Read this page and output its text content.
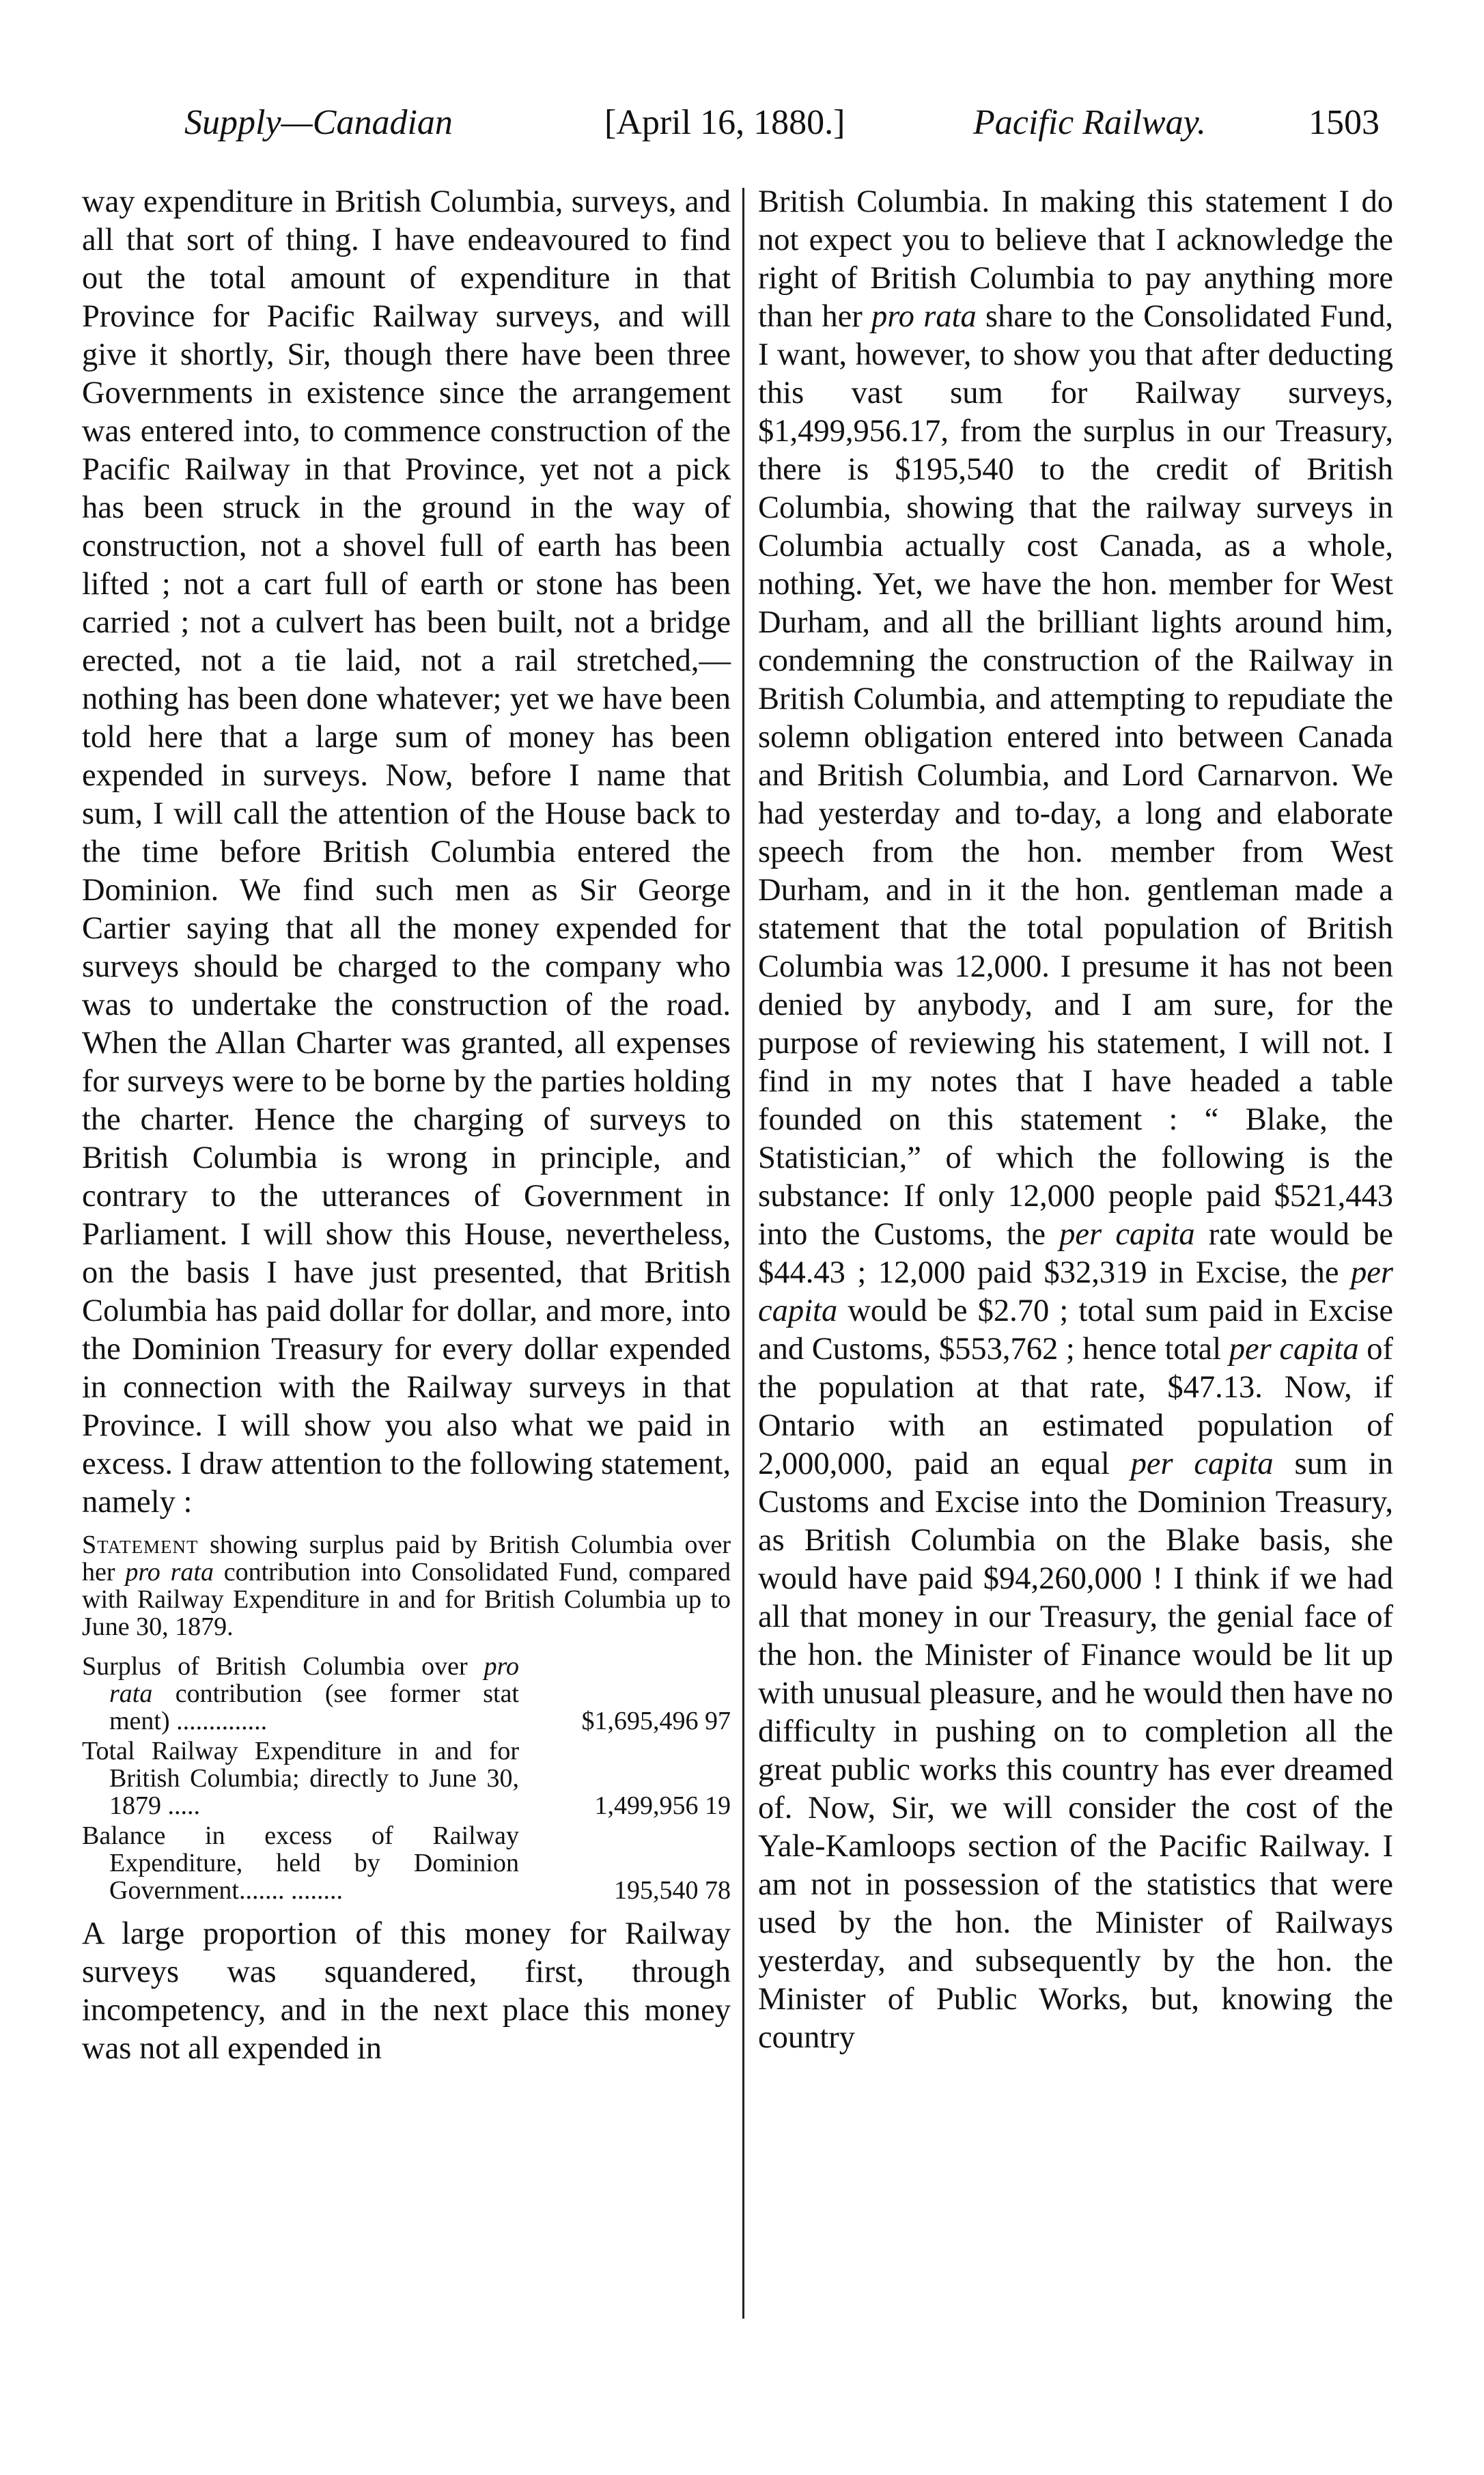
Supply—Canadian	[April 16, 1880.]	Pacific Railway.	1503

way expenditure in British Columbia, surveys, and all that sort of thing. I have endeavoured to find out the total amount of expenditure in that Province for Pacific Railway surveys, and will give it shortly, Sir, though there have been three Governments in existence since the arrangement was entered into, to commence construction of the Pacific Railway in that Province, yet not a pick has been struck in the ground in the way of construction, not a shovel full of earth has been lifted ; not a cart full of earth or stone has been carried ; not a culvert has been built, not a bridge erected, not a tie laid, not a rail stretched,—nothing has been done whatever; yet we have been told here that a large sum of money has been expended in surveys. Now, before I name that sum, I will call the attention of the House back to the time before British Columbia entered the Dominion. We find such men as Sir George Cartier saying that all the money expended for surveys should be charged to the company who was to undertake the construction of the road. When the Allan Charter was granted, all expenses for surveys were to be borne by the parties holding the charter. Hence the charging of surveys to British Columbia is wrong in principle, and contrary to the utterances of Government in Parliament. I will show this House, nevertheless, on the basis I have just presented, that British Columbia has paid dollar for dollar, and more, into the Dominion Treasury for every dollar expended in connection with the Railway surveys in that Province. I will show you also what we paid in excess. I draw attention to the following statement, namely :

Statement showing surplus paid by British Columbia over her pro rata contribution into Consolidated Fund, compared with Railway Expenditure in and for British Columbia up to June 30, 1879.

Surplus of British Columbia over pro rata contribution (see former stat ment) ..............	$1,695,496 97
Total Railway Expenditure in and for British Columbia; directly to June 30, 1879 .....	1,499,956 19
Balance in excess of Railway Expenditure, held by Dominion Government....... ........	195,540 78

A large proportion of this money for Railway surveys was squandered, first, through incompetency, and in the next place this money was not all expended in

British Columbia. In making this statement I do not expect you to believe that I acknowledge the right of British Columbia to pay anything more than her pro rata share to the Consolidated Fund, I want, however, to show you that after deducting this vast sum for Railway surveys, $1,499,956.17, from the surplus in our Treasury, there is $195,540 to the credit of British Columbia, showing that the railway surveys in Columbia actually cost Canada, as a whole, nothing. Yet, we have the hon. member for West Durham, and all the brilliant lights around him, condemning the construction of the Railway in British Columbia, and attempting to repudiate the solemn obligation entered into between Canada and British Columbia, and Lord Carnarvon. We had yesterday and to-day, a long and elaborate speech from the hon. member from West Durham, and in it the hon. gentleman made a statement that the total population of British Columbia was 12,000. I presume it has not been denied by anybody, and I am sure, for the purpose of reviewing his statement, I will not. I find in my notes that I have headed a table founded on this statement : “ Blake, the Statistician,” of which the following is the substance: If only 12,000 people paid $521,443 into the Customs, the per capita rate would be $44.43 ; 12,000 paid $32,319 in Excise, the per capita would be $2.70 ; total sum paid in Excise and Customs, $553,762 ; hence total per capita of the population at that rate, $47.13. Now, if Ontario with an estimated population of 2,000,000, paid an equal per capita sum in Customs and Excise into the Dominion Treasury, as British Columbia on the Blake basis, she would have paid $94,260,000 ! I think if we had all that money in our Treasury, the genial face of the hon. the Minister of Finance would be lit up with unusual pleasure, and he would then have no difficulty in pushing on to completion all the great public works this country has ever dreamed of. Now, Sir, we will consider the cost of the Yale-Kamloops section of the Pacific Railway. I am not in possession of the statistics that were used by the hon. the Minister of Railways yesterday, and subsequently by the hon. the Minister of Public Works, but, knowing the country
